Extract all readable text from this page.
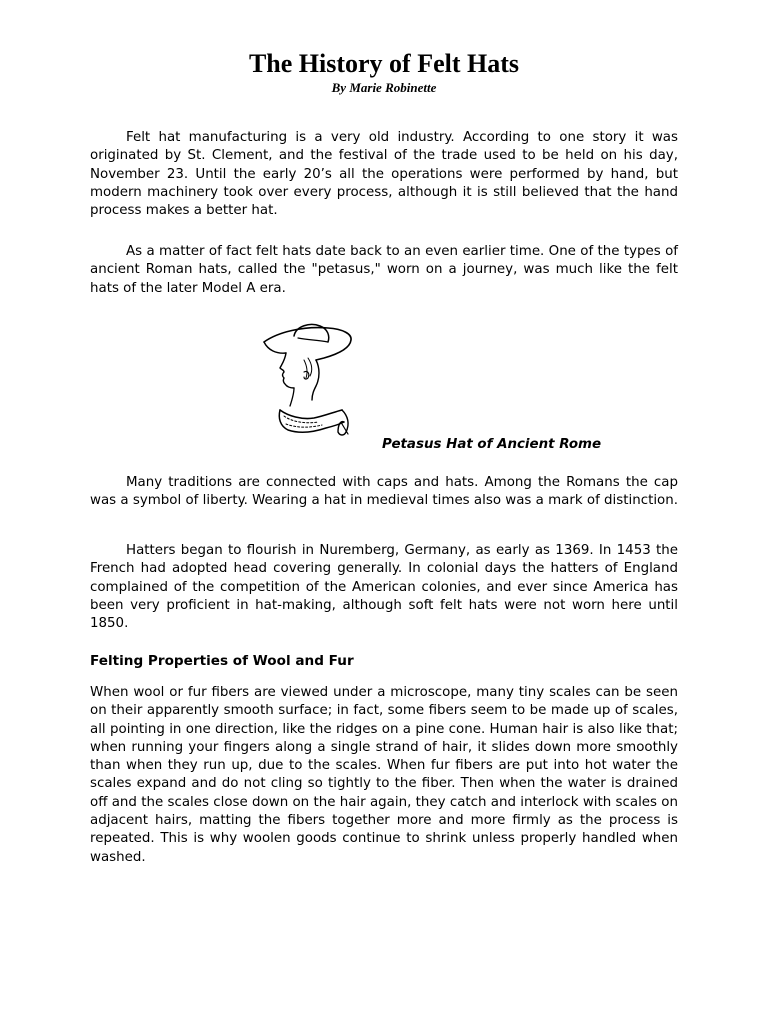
The History of Felt Hats
By Marie Robinette

Felt hat manufacturing is a very old industry. According to one story it was originated by St. Clement, and the festival of the trade used to be held on his day, November 23. Until the early 20’s all the operations were performed by hand, but modern machinery took over every process, although it is still believed that the hand process makes a better hat.

As a matter of fact felt hats date back to an even earlier time. One of the types of ancient Roman hats, called the "petasus," worn on a journey, was much like the felt hats of the later Model A era.

Petasus Hat of Ancient Rome

Many traditions are connected with caps and hats. Among the Romans the cap was a symbol of liberty. Wearing a hat in medieval times also was a mark of distinction.

Hatters began to flourish in Nuremberg, Germany, as early as 1369. In 1453 the French had adopted head covering generally. In colonial days the hatters of England complained of the competition of the American colonies, and ever since America has been very proficient in hat-making, although soft felt hats were not worn here until 1850.

Felting Properties of Wool and Fur

When wool or fur fibers are viewed under a microscope, many tiny scales can be seen on their apparently smooth surface; in fact, some fibers seem to be made up of scales, all pointing in one direction, like the ridges on a pine cone. Human hair is also like that; when running your fingers along a single strand of hair, it slides down more smoothly than when they run up, due to the scales. When fur fibers are put into hot water the scales expand and do not cling so tightly to the fiber. Then when the water is drained off and the scales close down on the hair again, they catch and interlock with scales on adjacent hairs, matting the fibers together more and more firmly as the process is repeated. This is why woolen goods continue to shrink unless properly handled when washed.
